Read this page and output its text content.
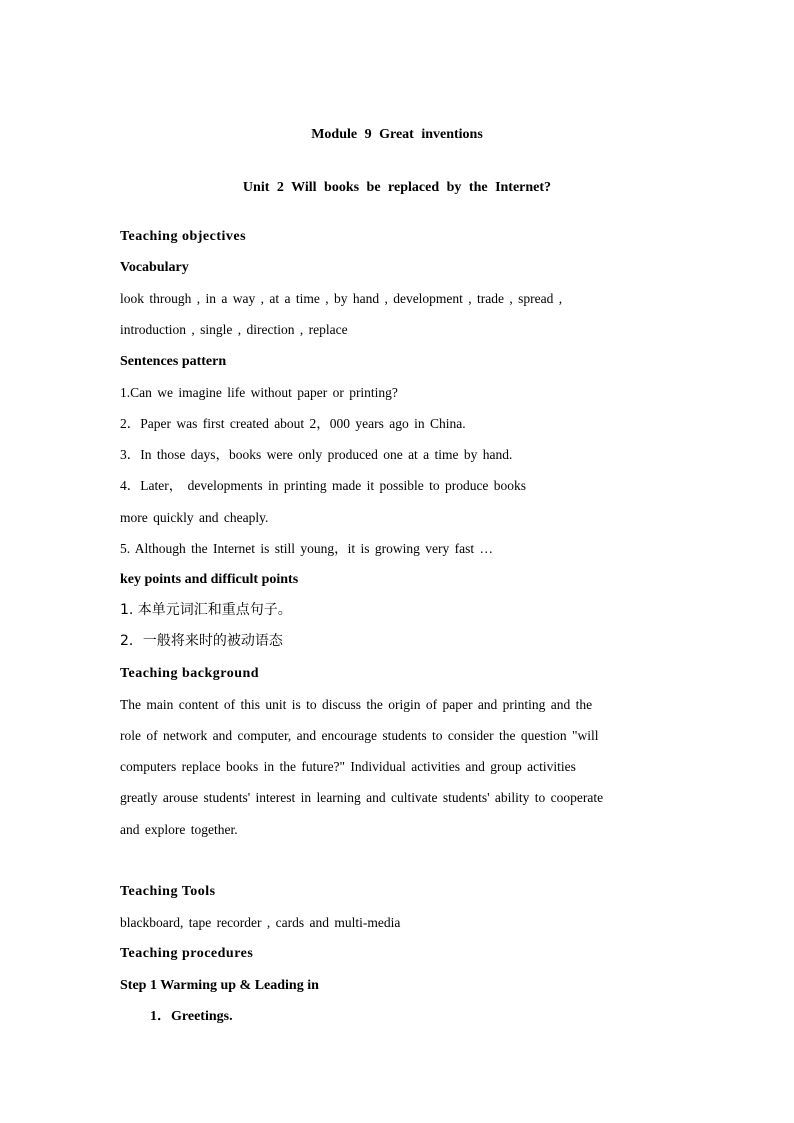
Module 9 Great inventions
Unit 2 Will books be replaced by the Internet?
Teaching objectives
Vocabulary
look through , in a way , at a time , by hand , development , trade , spread ,
introduction , single , direction , replace
Sentences pattern
1.Can we imagine life without paper or printing?
2．Paper was first created about 2，000 years ago in China.
3．In those days，books were only produced one at a time by hand.
4．Later， developments in printing made it possible to produce books
more quickly and cheaply.
5. Although the Internet is still young，it is growing very fast …
key points and difficult points
1. 本单元词汇和重点句子。
2．一般将来时的被动语态
Teaching background
The main content of this unit is to discuss the origin of paper and printing and the
role of network and computer, and encourage students to consider the question "will
computers replace books in the future?" Individual activities and group activities
greatly arouse students' interest in learning and cultivate students' ability to cooperate
and explore together.
Teaching Tools
blackboard, tape recorder , cards and multi-media
Teaching procedures
Step 1 Warming up & Leading in
1．Greetings.
